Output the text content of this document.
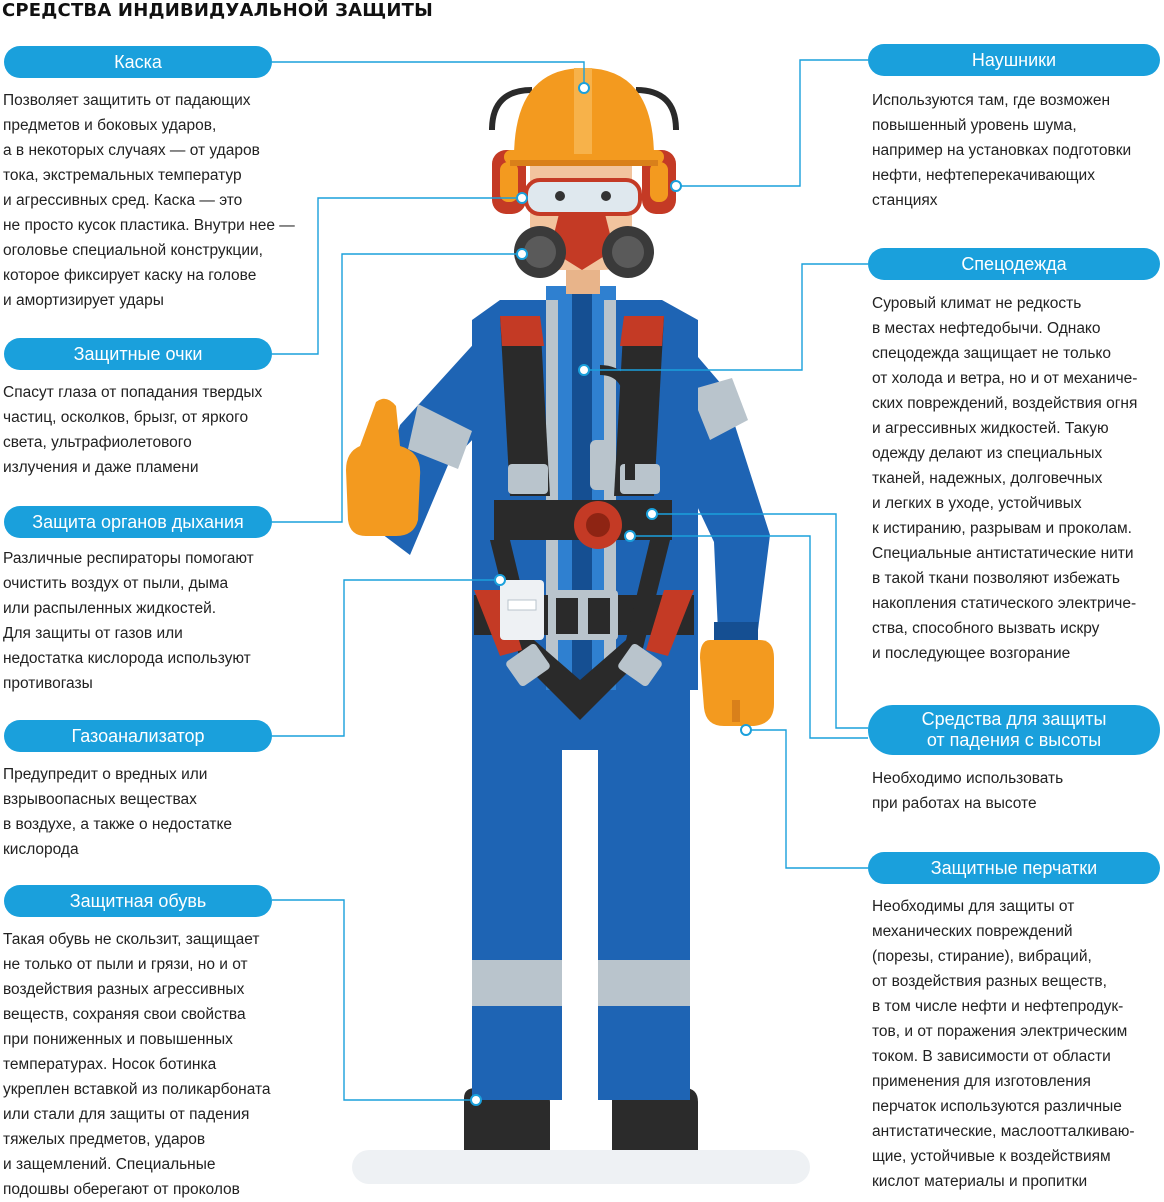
СРЕДСТВА ИНДИВИДУАЛЬНОЙ ЗАЩИТЫ
Каска
Позволяет защитить от падающих
предметов и боковых ударов,
а в некоторых случаях — от ударов
тока, экстремальных температур
и агрессивных сред. Каска — это
не просто кусок пластика. Внутри нее —
оголовье специальной конструкции,
которое фиксирует каску на голове
и амортизирует удары
Защитные очки
Спасут глаза от попадания твердых
частиц, осколков, брызг, от яркого
света, ультрафиолетового
излучения и даже пламени
Защита органов дыхания
Различные респираторы помогают
очистить воздух от пыли, дыма
или распыленных жидкостей.
Для защиты от газов или
недостатка кислорода используют
противогазы
Газоанализатор
Предупредит о вредных или
взрывоопасных веществах
в воздухе, а также о недостатке
кислорода
Защитная обувь
Такая обувь не скользит, защищает
не только от пыли и грязи, но и от
воздействия разных агрессивных
веществ, сохраняя свои свойства
при пониженных и повышенных
температурах. Носок ботинка
укреплен вставкой из поликарбоната
или стали для защиты от падения
тяжелых предметов, ударов
и защемлений. Специальные
подошвы оберегают от проколов
Наушники
Используются там, где возможен
повышенный уровень шума,
например на установках подготовки
нефти, нефтеперекачивающих
станциях
Спецодежда
Суровый климат не редкость
в местах нефтедобычи. Однако
спецодежда защищает не только
от холода и ветра, но и от механиче-
ских повреждений, воздействия огня
и агрессивных жидкостей. Такую
одежду делают из специальных
тканей, надежных, долговечных
и легких в уходе, устойчивых
к истиранию, разрывам и проколам.
Специальные антистатические нити
в такой ткани позволяют избежать
накопления статического электриче-
ства, способного вызвать искру
и последующее возгорание
Средства для защиты
от падения с высоты
Необходимо использовать
при работах на высоте
Защитные перчатки
Необходимы для защиты от
механических повреждений
(порезы, стирание), вибраций,
от воздействия разных веществ,
в том числе нефти и нефтепродук-
тов, и от поражения электрическим
током. В зависимости от области
применения для изготовления
перчаток используются различные
антистатические, маслоотталкиваю-
щие, устойчивые к воздействиям
кислот материалы и пропитки
